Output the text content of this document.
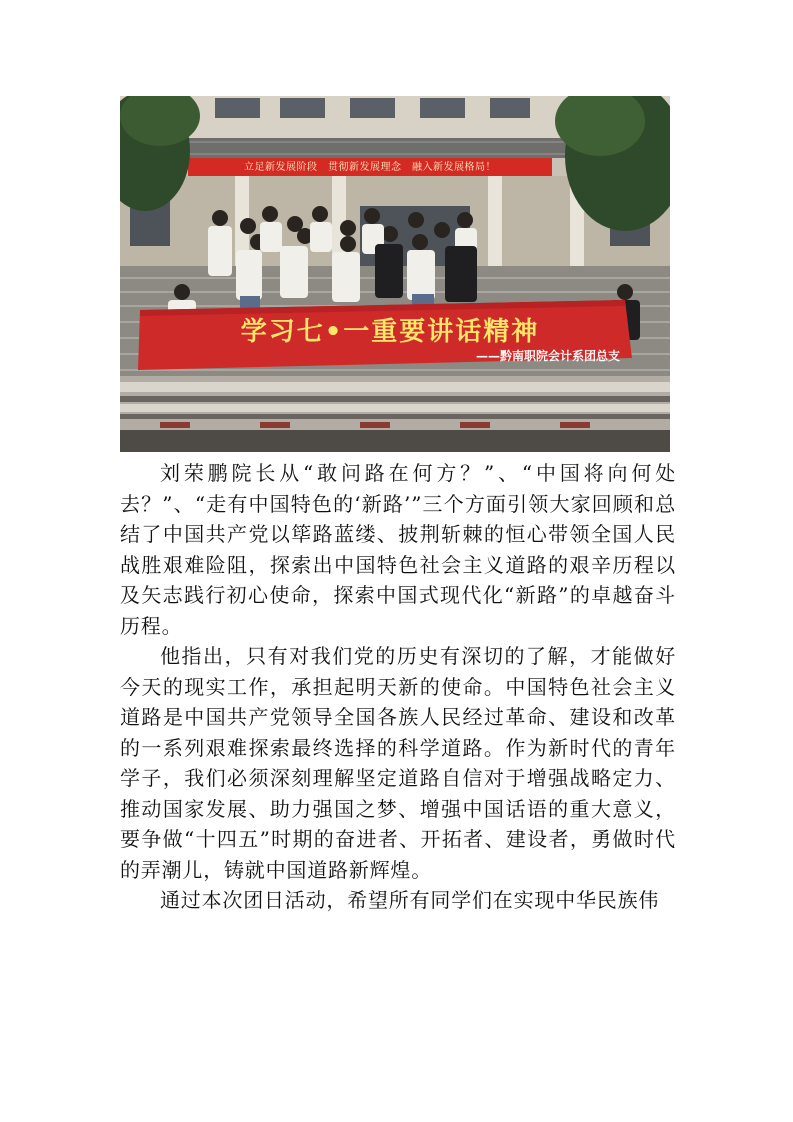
立足新发展阶段　贯彻新发展理念　融入新发展格局！
学习七•一重要讲话精神
——黔南职院会计系团总支

刘荣鹏院长从“敢问路在何方？”、“中国将向何处去？”、“走有中国特色的‘新路’”三个方面引领大家回顾和总结了中国共产党以筚路蓝缕、披荆斩棘的恒心带领全国人民战胜艰难险阻，探索出中国特色社会主义道路的艰辛历程以及矢志践行初心使命，探索中国式现代化“新路”的卓越奋斗历程。

他指出，只有对我们党的历史有深切的了解，才能做好今天的现实工作，承担起明天新的使命。中国特色社会主义道路是中国共产党领导全国各族人民经过革命、建设和改革的一系列艰难探索最终选择的科学道路。作为新时代的青年学子，我们必须深刻理解坚定道路自信对于增强战略定力、推动国家发展、助力强国之梦、增强中国话语的重大意义，要争做“十四五”时期的奋进者、开拓者、建设者，勇做时代的弄潮儿，铸就中国道路新辉煌。

通过本次团日活动，希望所有同学们在实现中华民族伟
